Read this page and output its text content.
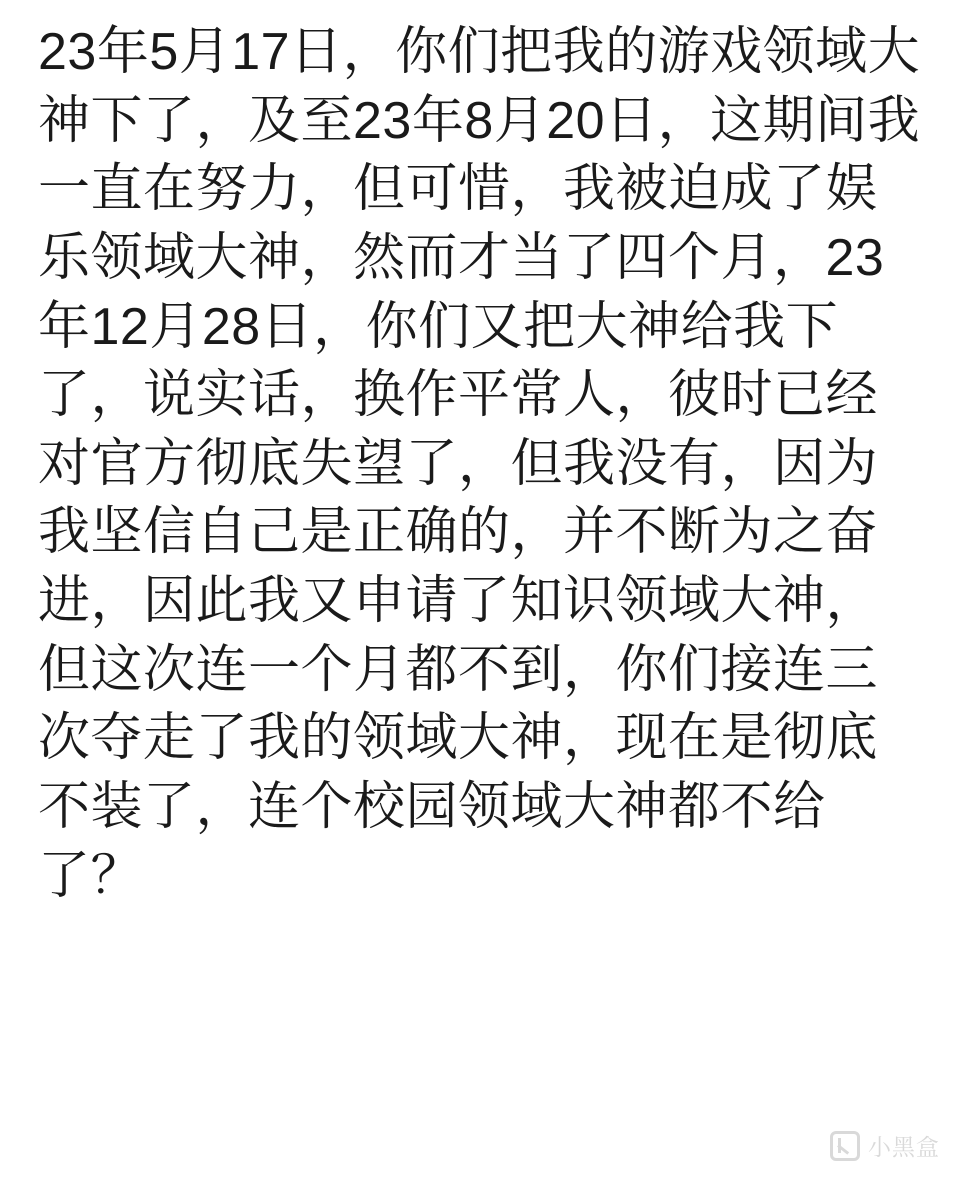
23年5月17日，你们把我的游戏领域大神下了，及至23年8月20日，这期间我一直在努力，但可惜，我被迫成了娱乐领域大神，然而才当了四个月，23年12月28日，你们又把大神给我下了，说实话，换作平常人，彼时已经对官方彻底失望了，但我没有，因为我坚信自己是正确的，并不断为之奋进，因此我又申请了知识领域大神，但这次连一个月都不到，你们接连三次夺走了我的领域大神，现在是彻底不装了，连个校园领域大神都不给了？
小黑盒
